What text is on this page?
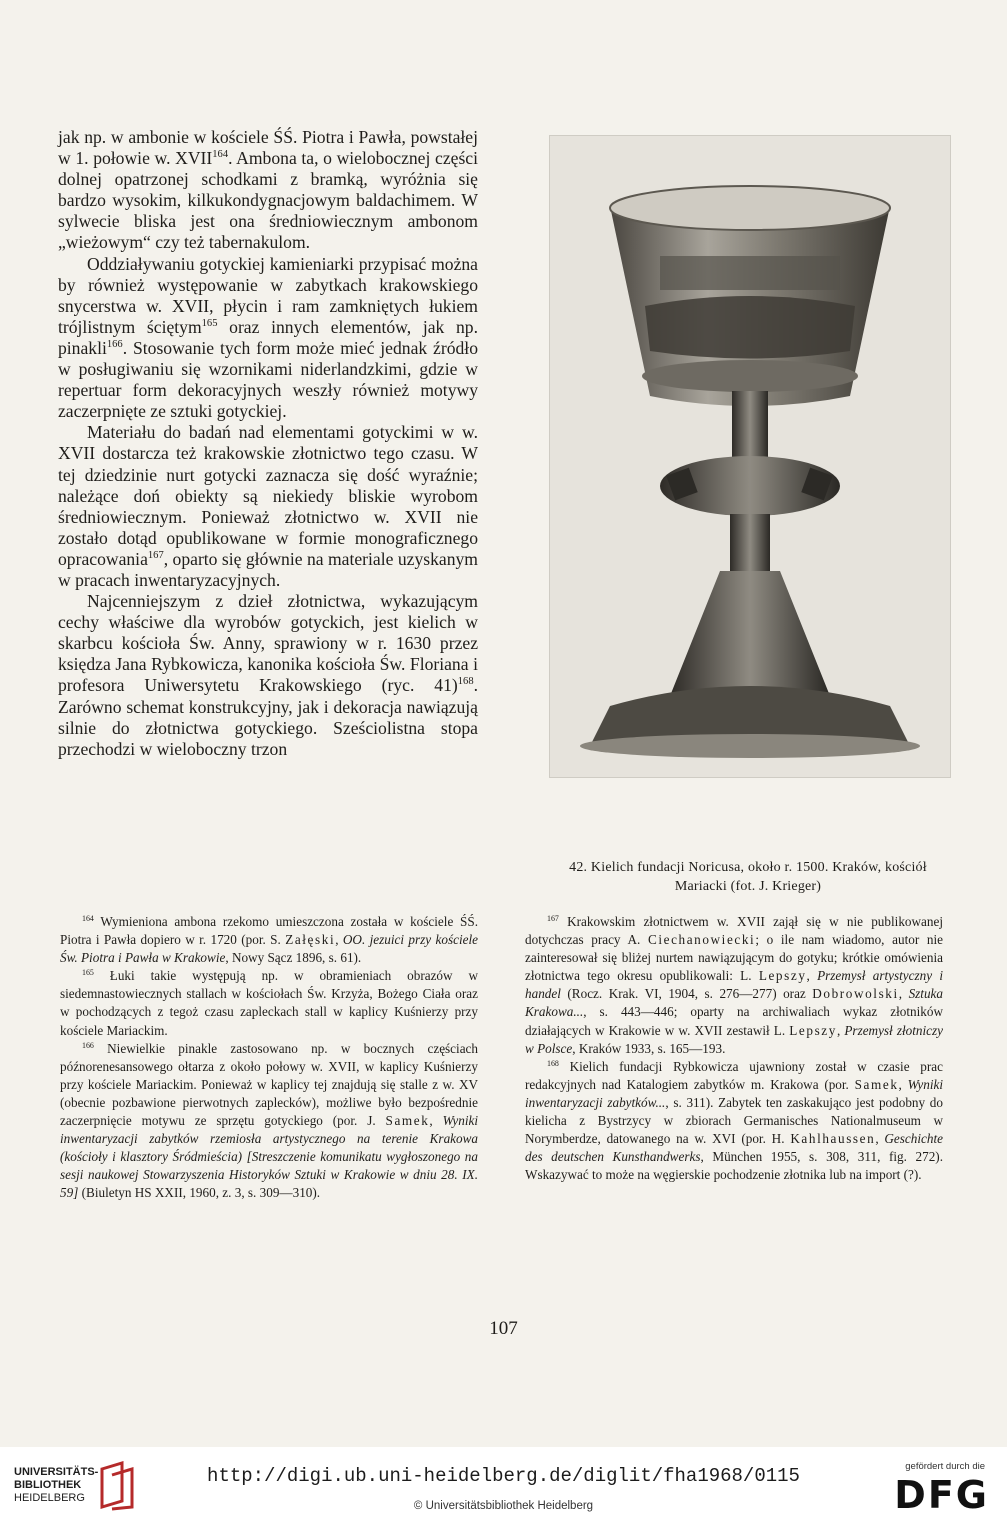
jak np. w ambonie w kościele ŚŚ. Piotra i Pawła, powstałej w 1. połowie w. XVII$^{164}$. Ambona ta, o wielobocznej części dolnej opatrzonej schodkami z bramką, wyróżnia się bardzo wysokim, kilkukondygnacjowym baldachimem. W sylwecie bliska jest ona średniowiecznym ambonom „wieżowym“ czy też tabernakulom.

Oddziaływaniu gotyckiej kamieniarki przypisać można by również występowanie w zabytkach krakowskiego snycerstwa w. XVII, płycin i ram zamkniętych łukiem trójlistnym ściętym$^{165}$ oraz innych elementów, jak np. pinakli$^{166}$. Stosowanie tych form może mieć jednak źródło w posługiwaniu się wzornikami niderlandzkimi, gdzie w repertuar form dekoracyjnych weszły również motywy zaczerpnięte ze sztuki gotyckiej.

Materiału do badań nad elementami gotyckimi w w. XVII dostarcza też krakowskie złotnictwo tego czasu. W tej dziedzinie nurt gotycki zaznacza się dość wyraźnie; należące doń obiekty są niekiedy bliskie wyrobom średniowiecznym. Ponieważ złotnictwo w. XVII nie zostało dotąd opublikowane w formie monograficznego opracowania$^{167}$, oparto się głównie na materiale uzyskanym w pracach inwentaryzacyjnych.

Najcenniejszym z dzieł złotnictwa, wykazującym cechy właściwe dla wyrobów gotyckich, jest kielich w skarbcu kościoła Św. Anny, sprawiony w r. 1630 przez księdza Jana Rybkowicza, kanonika kościoła Św. Floriana i profesora Uniwersytetu Krakowskiego (ryc. 41)$^{168}$. Zarówno schemat konstrukcyjny, jak i dekoracja nawiązują silnie do złotnictwa gotyckiego. Sześciolistna stopa przechodzi w wieloboczny trzon

42. Kielich fundacji Noricusa, około r. 1500. Kraków, kościół
Mariacki (fot. J. Krieger)

$^{164}$ Wymieniona ambona rzekomo umieszczona została w kościele ŚŚ. Piotra i Pawła dopiero w r. 1720 (por. S. Załęski, OO. jezuici przy kościele Św. Piotra i Pawła w Krakowie, Nowy Sącz 1896, s. 61).

$^{165}$ Łuki takie występują np. w obramieniach obrazów w siedemnastowiecznych stallach w kościołach Św. Krzyża, Bożego Ciała oraz w pochodzących z tegoż czasu zapleckach stall w kaplicy Kuśnierzy przy kościele Mariackim.

$^{166}$ Niewielkie pinakle zastosowano np. w bocznych częściach późnorenesansowego ołtarza z około połowy w. XVII, w kaplicy Kuśnierzy przy kościele Mariackim. Ponieważ w kaplicy tej znajdują się stalle z w. XV (obecnie pozbawione pierwotnych zaplecków), możliwe było bezpośrednie zaczerpnięcie motywu ze sprzętu gotyckiego (por. J. Samek, Wyniki inwentaryzacji zabytków rzemiosła artystycznego na terenie Krakowa (kościoły i klasztory Śródmieścia) [Streszczenie komunikatu wygłoszonego na sesji naukowej Stowarzyszenia Historyków Sztuki w Krakowie w dniu 28. IX. 59] (Biuletyn HS XXII, 1960, z. 3, s. 309—310).

$^{167}$ Krakowskim złotnictwem w. XVII zajął się w nie publikowanej dotychczas pracy A. Ciechanowiecki; o ile nam wiadomo, autor nie zainteresował się bliżej nurtem nawiązującym do gotyku; krótkie omówienia złotnictwa tego okresu opublikowali: L. Lepszy, Przemysł artystyczny i handel (Rocz. Krak. VI, 1904, s. 276—277) oraz Dobrowolski, Sztuka Krakowa..., s. 443—446; oparty na archiwaliach wykaz złotników działających w Krakowie w w. XVII zestawił L. Lepszy, Przemysł złotniczy w Polsce, Kraków 1933, s. 165—193.

$^{168}$ Kielich fundacji Rybkowicza ujawniony został w czasie prac redakcyjnych nad Katalogiem zabytków m. Krakowa (por. Samek, Wyniki inwentaryzacji zabytków..., s. 311). Zabytek ten zaskakująco jest podobny do kielicha z Bystrzycy w zbiorach Germanisches Nationalmuseum w Norymberdze, datowanego na w. XVI (por. H. Kahlhaussen, Geschichte des deutschen Kunsthandwerks, München 1955, s. 308, 311, fig. 272). Wskazywać to może na węgierskie pochodzenie złotnika lub na import (?).

107
UNIVERSITÄTS-
BIBLIOTHEK
HEIDELBERG
http://digi.ub.uni-heidelberg.de/diglit/fha1968/0115
© Universitätsbibliothek Heidelberg
gefördert durch die
DFG
